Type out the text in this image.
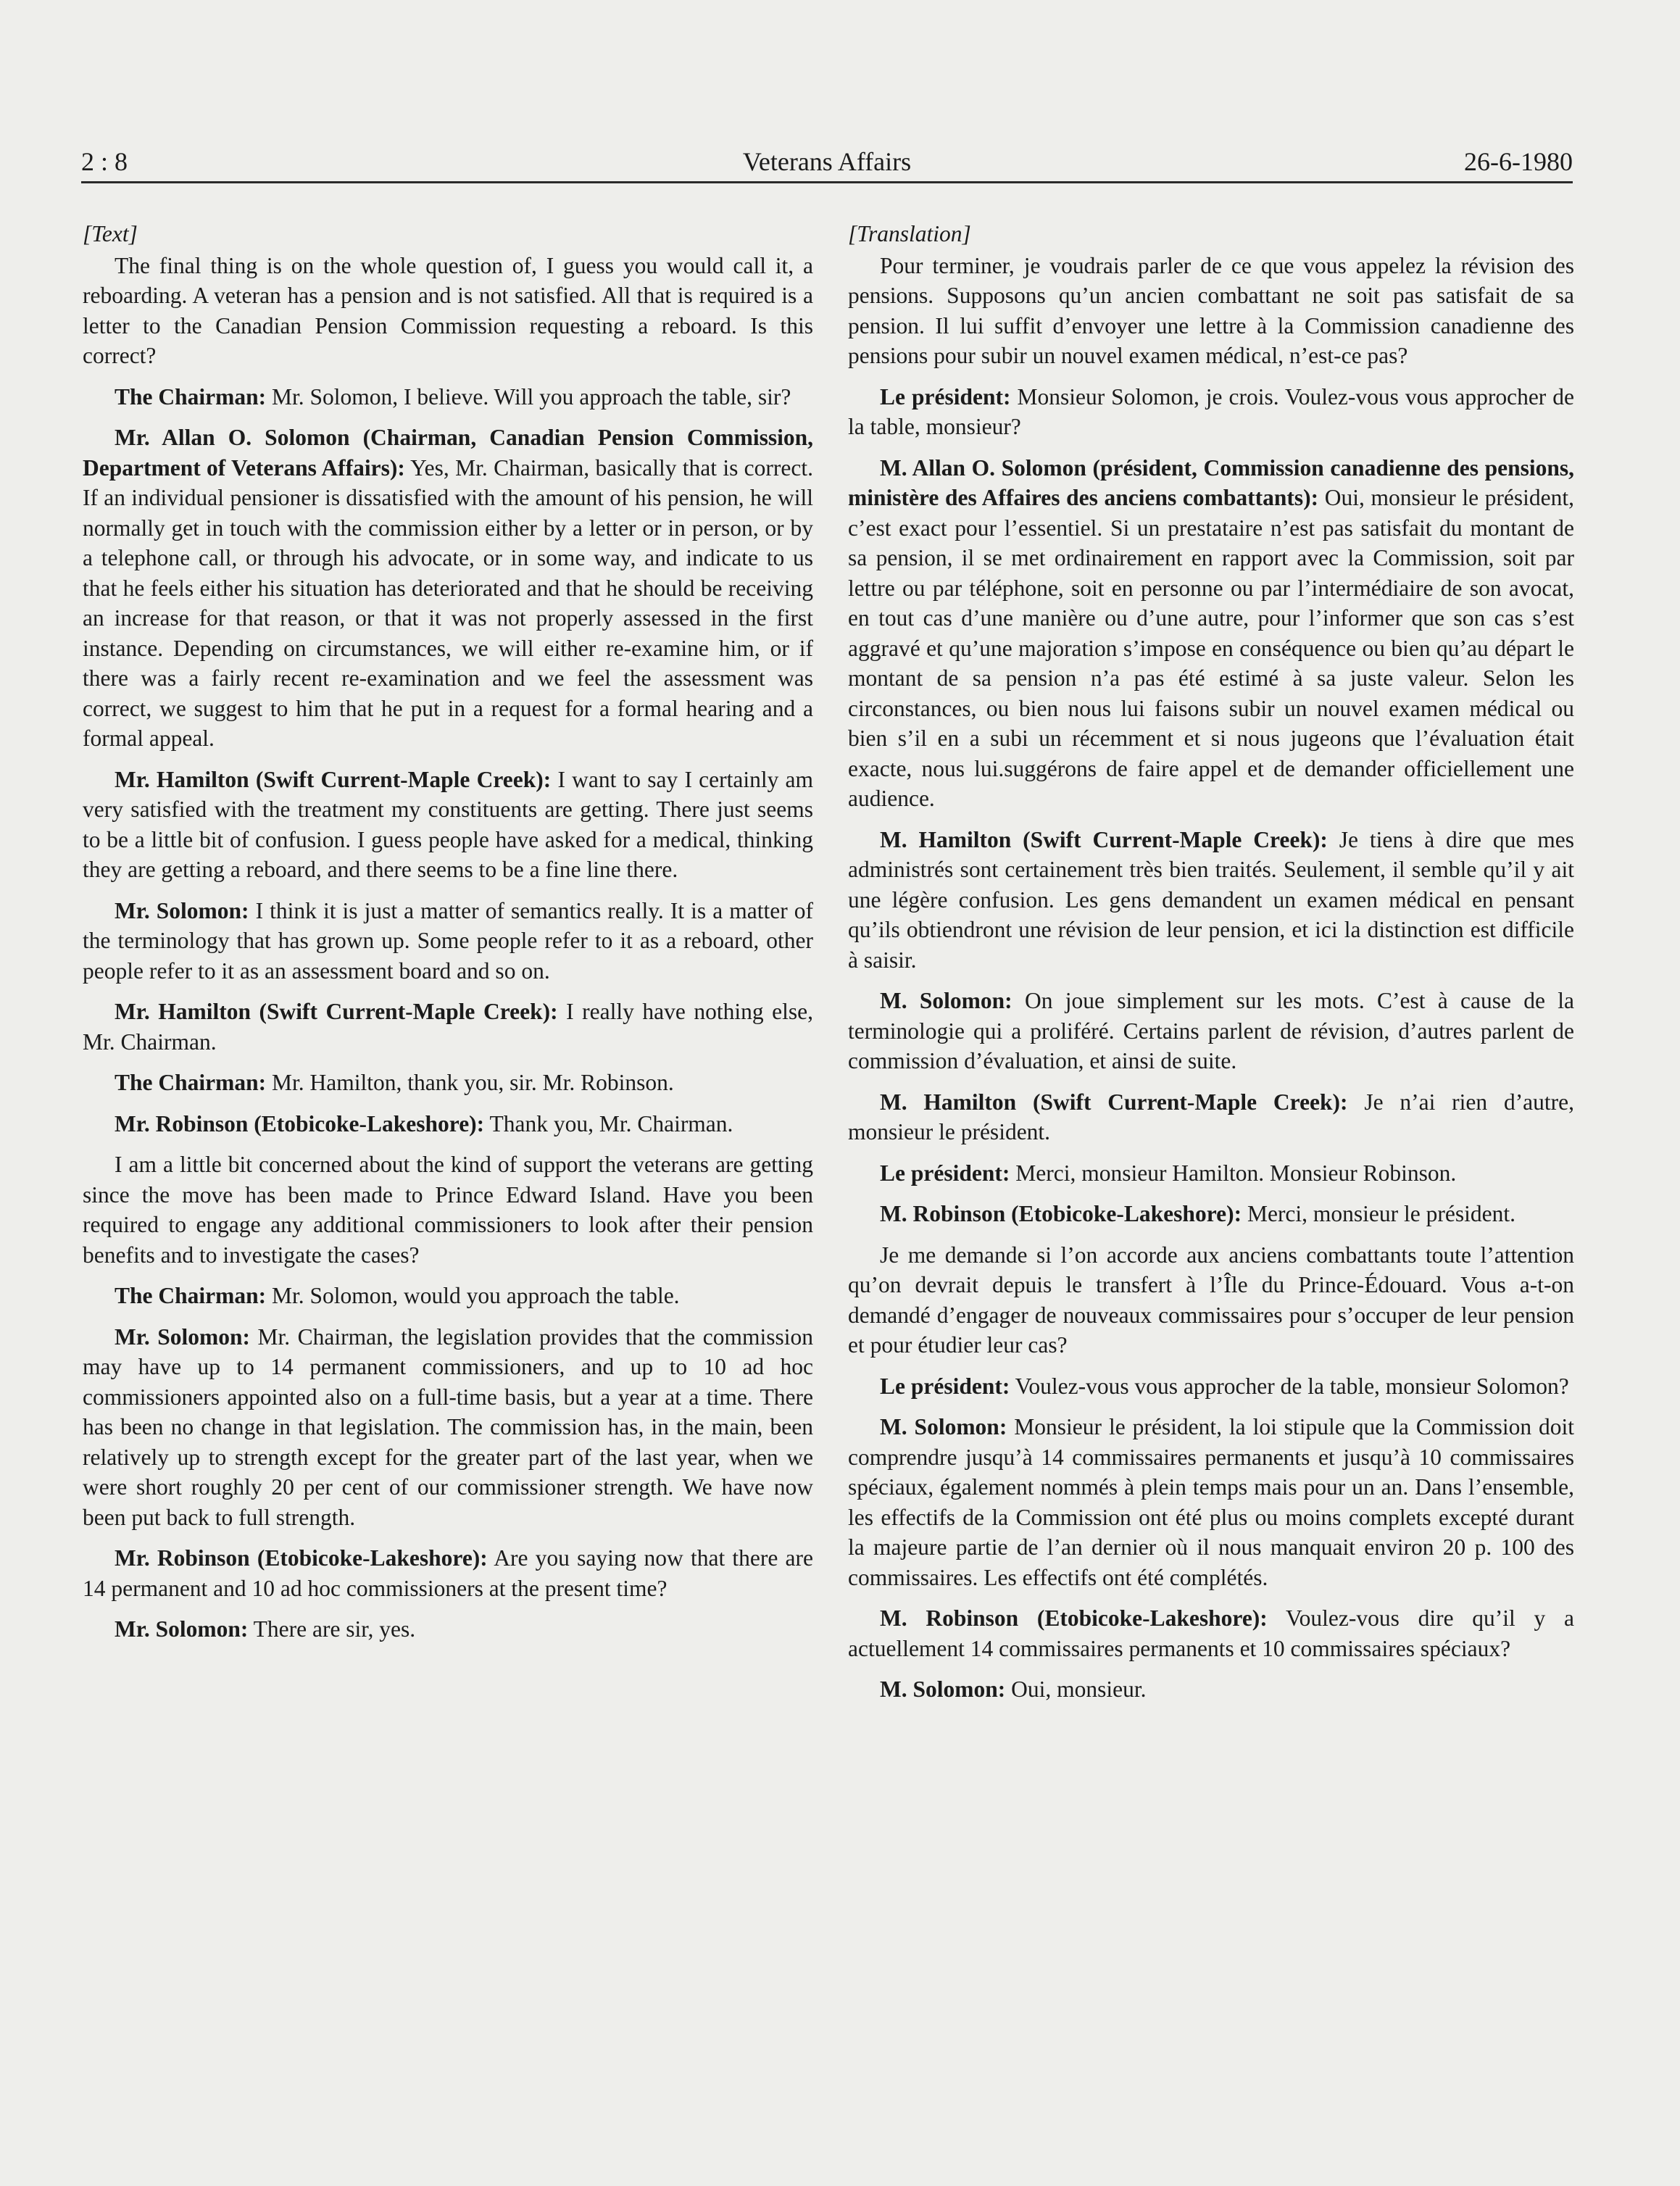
2 : 8	Veterans Affairs	26-6-1980
[Text]

The final thing is on the whole question of, I guess you would call it, a reboarding. A veteran has a pension and is not satisfied. All that is required is a letter to the Canadian Pension Commission requesting a reboard. Is this correct?

The Chairman: Mr. Solomon, I believe. Will you approach the table, sir?

Mr. Allan O. Solomon (Chairman, Canadian Pension Commission, Department of Veterans Affairs): Yes, Mr. Chairman, basically that is correct. If an individual pensioner is dissatisfied with the amount of his pension, he will normally get in touch with the commission either by a letter or in person, or by a telephone call, or through his advocate, or in some way, and indicate to us that he feels either his situation has deteriorated and that he should be receiving an increase for that reason, or that it was not properly assessed in the first instance. Depending on circumstances, we will either re-examine him, or if there was a fairly recent re-examination and we feel the assessment was correct, we suggest to him that he put in a request for a formal hearing and a formal appeal.

Mr. Hamilton (Swift Current-Maple Creek): I want to say I certainly am very satisfied with the treatment my constituents are getting. There just seems to be a little bit of confusion. I guess people have asked for a medical, thinking they are getting a reboard, and there seems to be a fine line there.

Mr. Solomon: I think it is just a matter of semantics really. It is a matter of the terminology that has grown up. Some people refer to it as a reboard, other people refer to it as an assessment board and so on.

Mr. Hamilton (Swift Current-Maple Creek): I really have nothing else, Mr. Chairman.

The Chairman: Mr. Hamilton, thank you, sir. Mr. Robinson.

Mr. Robinson (Etobicoke-Lakeshore): Thank you, Mr. Chairman.

I am a little bit concerned about the kind of support the veterans are getting since the move has been made to Prince Edward Island. Have you been required to engage any additional commissioners to look after their pension benefits and to investigate the cases?

The Chairman: Mr. Solomon, would you approach the table.

Mr. Solomon: Mr. Chairman, the legislation provides that the commission may have up to 14 permanent commissioners, and up to 10 ad hoc commissioners appointed also on a full-time basis, but a year at a time. There has been no change in that legislation. The commission has, in the main, been relatively up to strength except for the greater part of the last year, when we were short roughly 20 per cent of our commissioner strength. We have now been put back to full strength.

Mr. Robinson (Etobicoke-Lakeshore): Are you saying now that there are 14 permanent and 10 ad hoc commissioners at the present time?

Mr. Solomon: There are sir, yes.

[Translation]

Pour terminer, je voudrais parler de ce que vous appelez la révision des pensions. Supposons qu’un ancien combattant ne soit pas satisfait de sa pension. Il lui suffit d’envoyer une lettre à la Commission canadienne des pensions pour subir un nouvel examen médical, n’est-ce pas?

Le président: Monsieur Solomon, je crois. Voulez-vous vous approcher de la table, monsieur?

M. Allan O. Solomon (président, Commission canadienne des pensions, ministère des Affaires des anciens combattants): Oui, monsieur le président, c’est exact pour l’essentiel. Si un prestataire n’est pas satisfait du montant de sa pension, il se met ordinairement en rapport avec la Commission, soit par lettre ou par téléphone, soit en personne ou par l’intermédiaire de son avocat, en tout cas d’une manière ou d’une autre, pour l’informer que son cas s’est aggravé et qu’une majoration s’impose en conséquence ou bien qu’au départ le montant de sa pension n’a pas été estimé à sa juste valeur. Selon les circonstances, ou bien nous lui faisons subir un nouvel examen médical ou bien s’il en a subi un récemment et si nous jugeons que l’évaluation était exacte, nous lui.suggérons de faire appel et de demander officiellement une audience.

M. Hamilton (Swift Current-Maple Creek): Je tiens à dire que mes administrés sont certainement très bien traités. Seulement, il semble qu’il y ait une légère confusion. Les gens demandent un examen médical en pensant qu’ils obtiendront une révision de leur pension, et ici la distinction est difficile à saisir.

M. Solomon: On joue simplement sur les mots. C’est à cause de la terminologie qui a proliféré. Certains parlent de révision, d’autres parlent de commission d’évaluation, et ainsi de suite.

M. Hamilton (Swift Current-Maple Creek): Je n’ai rien d’autre, monsieur le président.

Le président: Merci, monsieur Hamilton. Monsieur Robinson.

M. Robinson (Etobicoke-Lakeshore): Merci, monsieur le président.

Je me demande si l’on accorde aux anciens combattants toute l’attention qu’on devrait depuis le transfert à l’Île du Prince-Édouard. Vous a-t-on demandé d’engager de nouveaux commissaires pour s’occuper de leur pension et pour étudier leur cas?

Le président: Voulez-vous vous approcher de la table, monsieur Solomon?

M. Solomon: Monsieur le président, la loi stipule que la Commission doit comprendre jusqu’à 14 commissaires permanents et jusqu’à 10 commissaires spéciaux, également nommés à plein temps mais pour un an. Dans l’ensemble, les effectifs de la Commission ont été plus ou moins complets excepté durant la majeure partie de l’an dernier où il nous manquait environ 20 p. 100 des commissaires. Les effectifs ont été complétés.

M. Robinson (Etobicoke-Lakeshore): Voulez-vous dire qu’il y a actuellement 14 commissaires permanents et 10 commissaires spéciaux?

M. Solomon: Oui, monsieur.
